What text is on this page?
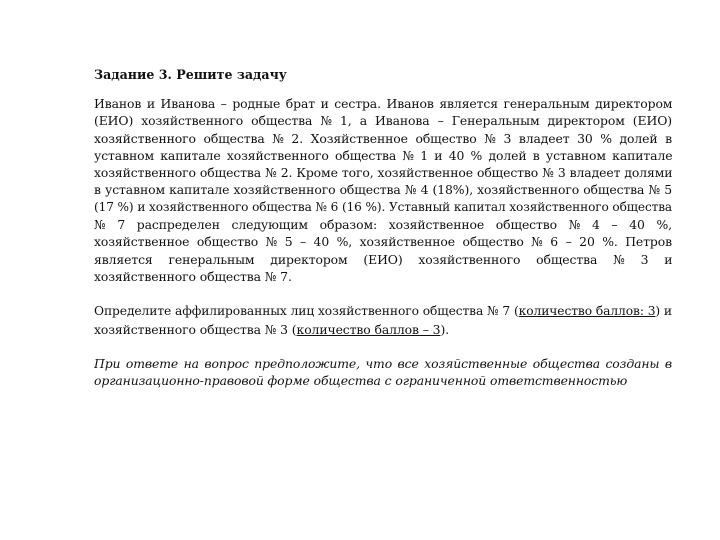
Задание 3. Решите задачу
Иванов и Иванова – родные брат и сестра. Иванов является генеральным директором
(ЕИО) хозяйственного общества № 1, а Иванова – Генеральным директором (ЕИО)
хозяйственного общества № 2. Хозяйственное общество № 3 владеет 30 % долей в
уставном капитале хозяйственного общества № 1 и 40 % долей в уставном капитале
хозяйственного общества № 2. Кроме того, хозяйственное общество № 3 владеет долями
в уставном капитале хозяйственного общества № 4 (18%), хозяйственного общества № 5
(17 %) и хозяйственного общества № 6 (16 %). Уставный капитал хозяйственного общества
№ 7 распределен следующим образом: хозяйственное общество № 4 – 40 %,
хозяйственное общество № 5 – 40 %, хозяйственное общество № 6 – 20 %. Петров
является генеральным директором (ЕИО) хозяйственного общества № 3 и
хозяйственного общества № 7.
Определите аффилированных лиц хозяйственного общества № 7 (количество баллов: 3) и
хозяйственного общества № 3 (количество баллов – 3).
При ответе на вопрос предположите, что все хозяйственные общества созданы в
организационно-правовой форме общества с ограниченной ответственностью
